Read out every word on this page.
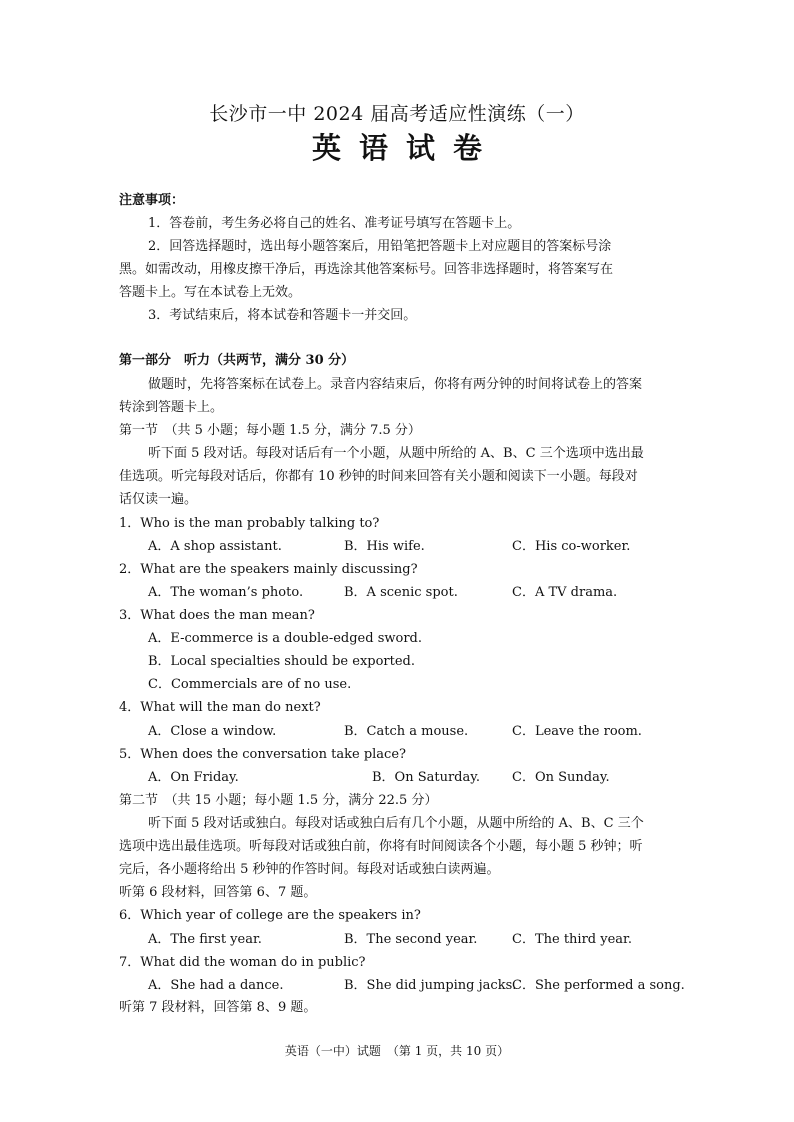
长沙市一中 2024 届高考适应性演练（一）
英语试卷
注意事项：
1．答卷前，考生务必将自己的姓名、准考证号填写在答题卡上。
2．回答选择题时，选出每小题答案后，用铅笔把答题卡上对应题目的答案标号涂
黑。如需改动，用橡皮擦干净后，再选涂其他答案标号。回答非选择题时，将答案写在
答题卡上。写在本试卷上无效。
3．考试结束后，将本试卷和答题卡一并交回。
第一部分　听力（共两节，满分 30 分）
做题时，先将答案标在试卷上。录音内容结束后，你将有两分钟的时间将试卷上的答案
转涂到答题卡上。
第一节　（共 5 小题；每小题 1.5 分，满分 7.5 分）
听下面 5 段对话。每段对话后有一个小题，从题中所给的 A、B、C 三个选项中选出最
佳选项。听完每段对话后，你都有 10 秒钟的时间来回答有关小题和阅读下一小题。每段对
话仅读一遍。
1．Who is the man probably talking to?
A．A shop assistant.	B．His wife.	C．His co-worker.
2．What are the speakers mainly discussing?
A．The woman’s photo.	B．A scenic spot.	C．A TV drama.
3．What does the man mean?
A．E-commerce is a double-edged sword.
B．Local specialties should be exported.
C．Commercials are of no use.
4．What will the man do next?
A．Close a window.	B．Catch a mouse.	C．Leave the room.
5．When does the conversation take place?
A．On Friday.	B．On Saturday. C．On Sunday.
第二节　（共 15 小题；每小题 1.5 分，满分 22.5 分）
听下面 5 段对话或独白。每段对话或独白后有几个小题，从题中所给的 A、B、C 三个
选项中选出最佳选项。听每段对话或独白前，你将有时间阅读各个小题，每小题 5 秒钟；听
完后，各小题将给出 5 秒钟的作答时间。每段对话或独白读两遍。
听第 6 段材料，回答第 6、7 题。
6．Which year of college are the speakers in?
A．The first year.	B．The second year.	C．The third year.
7．What did the woman do in public?
A．She had a dance.	B．She did jumping jacks.
C．She performed a song.
听第 7 段材料，回答第 8、9 题。
英语（一中）试题　（第 1 页，共 10 页）
